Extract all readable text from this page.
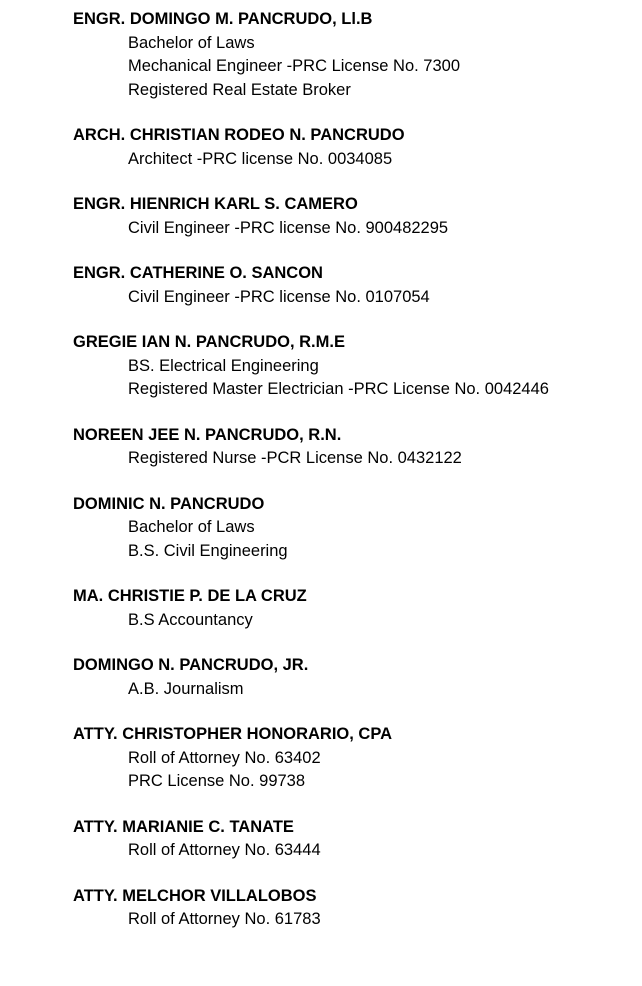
ENGR. DOMINGO M. PANCRUDO, Ll.B
Bachelor of Laws
Mechanical Engineer -PRC License No. 7300
Registered Real Estate Broker
ARCH. CHRISTIAN RODEO N. PANCRUDO
Architect -PRC license No. 0034085
ENGR. HIENRICH KARL S. CAMERO
Civil Engineer -PRC license No. 900482295
ENGR. CATHERINE O. SANCON
Civil Engineer -PRC license No. 0107054
GREGIE IAN N. PANCRUDO, R.M.E
BS. Electrical Engineering
Registered Master Electrician -PRC License No. 0042446
NOREEN JEE N. PANCRUDO, R.N.
Registered Nurse -PCR License No. 0432122
DOMINIC N. PANCRUDO
Bachelor of Laws
B.S. Civil Engineering
MA. CHRISTIE P. DE LA CRUZ
B.S Accountancy
DOMINGO N. PANCRUDO, JR.
A.B. Journalism
ATTY. CHRISTOPHER HONORARIO, CPA
Roll of Attorney No. 63402
PRC License No. 99738
ATTY. MARIANIE C. TANATE
Roll of Attorney No. 63444
ATTY. MELCHOR VILLALOBOS
Roll of Attorney No. 61783
